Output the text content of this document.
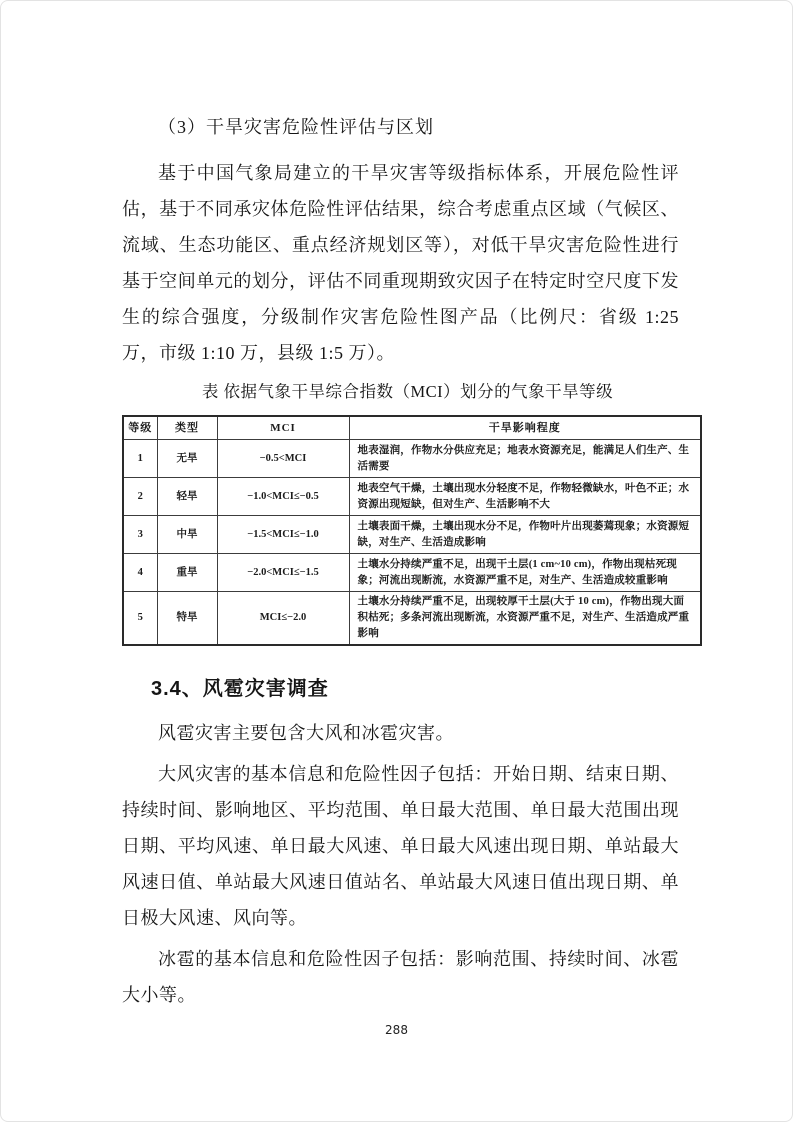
（3）干旱灾害危险性评估与区划

基于中国气象局建立的干旱灾害等级指标体系，开展危险性评估，基于不同承灾体危险性评估结果，综合考虑重点区域（气候区、流域、生态功能区、重点经济规划区等），对低干旱灾害危险性进行基于空间单元的划分，评估不同重现期致灾因子在特定时空尺度下发生的综合强度，分级制作灾害危险性图产品（比例尺：省级 1:25 万，市级 1:10 万，县级 1:5 万）。

表 依据气象干旱综合指数（MCI）划分的气象干旱等级

等级	类型	MCI	干旱影响程度
1	无旱	−0.5<MCI	地表湿润，作物水分供应充足；地表水资源充足，能满足人们生产、生活需要
2	轻旱	−1.0<MCI≤−0.5	地表空气干燥，土壤出现水分轻度不足，作物轻微缺水，叶色不正；水资源出现短缺，但对生产、生活影响不大
3	中旱	−1.5<MCI≤−1.0	土壤表面干燥，土壤出现水分不足，作物叶片出现萎蔫现象；水资源短缺，对生产、生活造成影响
4	重旱	−2.0<MCI≤−1.5	土壤水分持续严重不足，出现干土层(1 cm~10 cm)，作物出现枯死现象；河流出现断流，水资源严重不足，对生产、生活造成较重影响
5	特旱	MCI≤−2.0	土壤水分持续严重不足，出现较厚干土层(大于 10 cm)，作物出现大面积枯死；多条河流出现断流，水资源严重不足，对生产、生活造成严重影响
3.4、风雹灾害调查

风雹灾害主要包含大风和冰雹灾害。

大风灾害的基本信息和危险性因子包括：开始日期、结束日期、持续时间、影响地区、平均范围、单日最大范围、单日最大范围出现日期、平均风速、单日最大风速、单日最大风速出现日期、单站最大风速日值、单站最大风速日值站名、单站最大风速日值出现日期、单日极大风速、风向等。

冰雹的基本信息和危险性因子包括：影响范围、持续时间、冰雹大小等。

288
